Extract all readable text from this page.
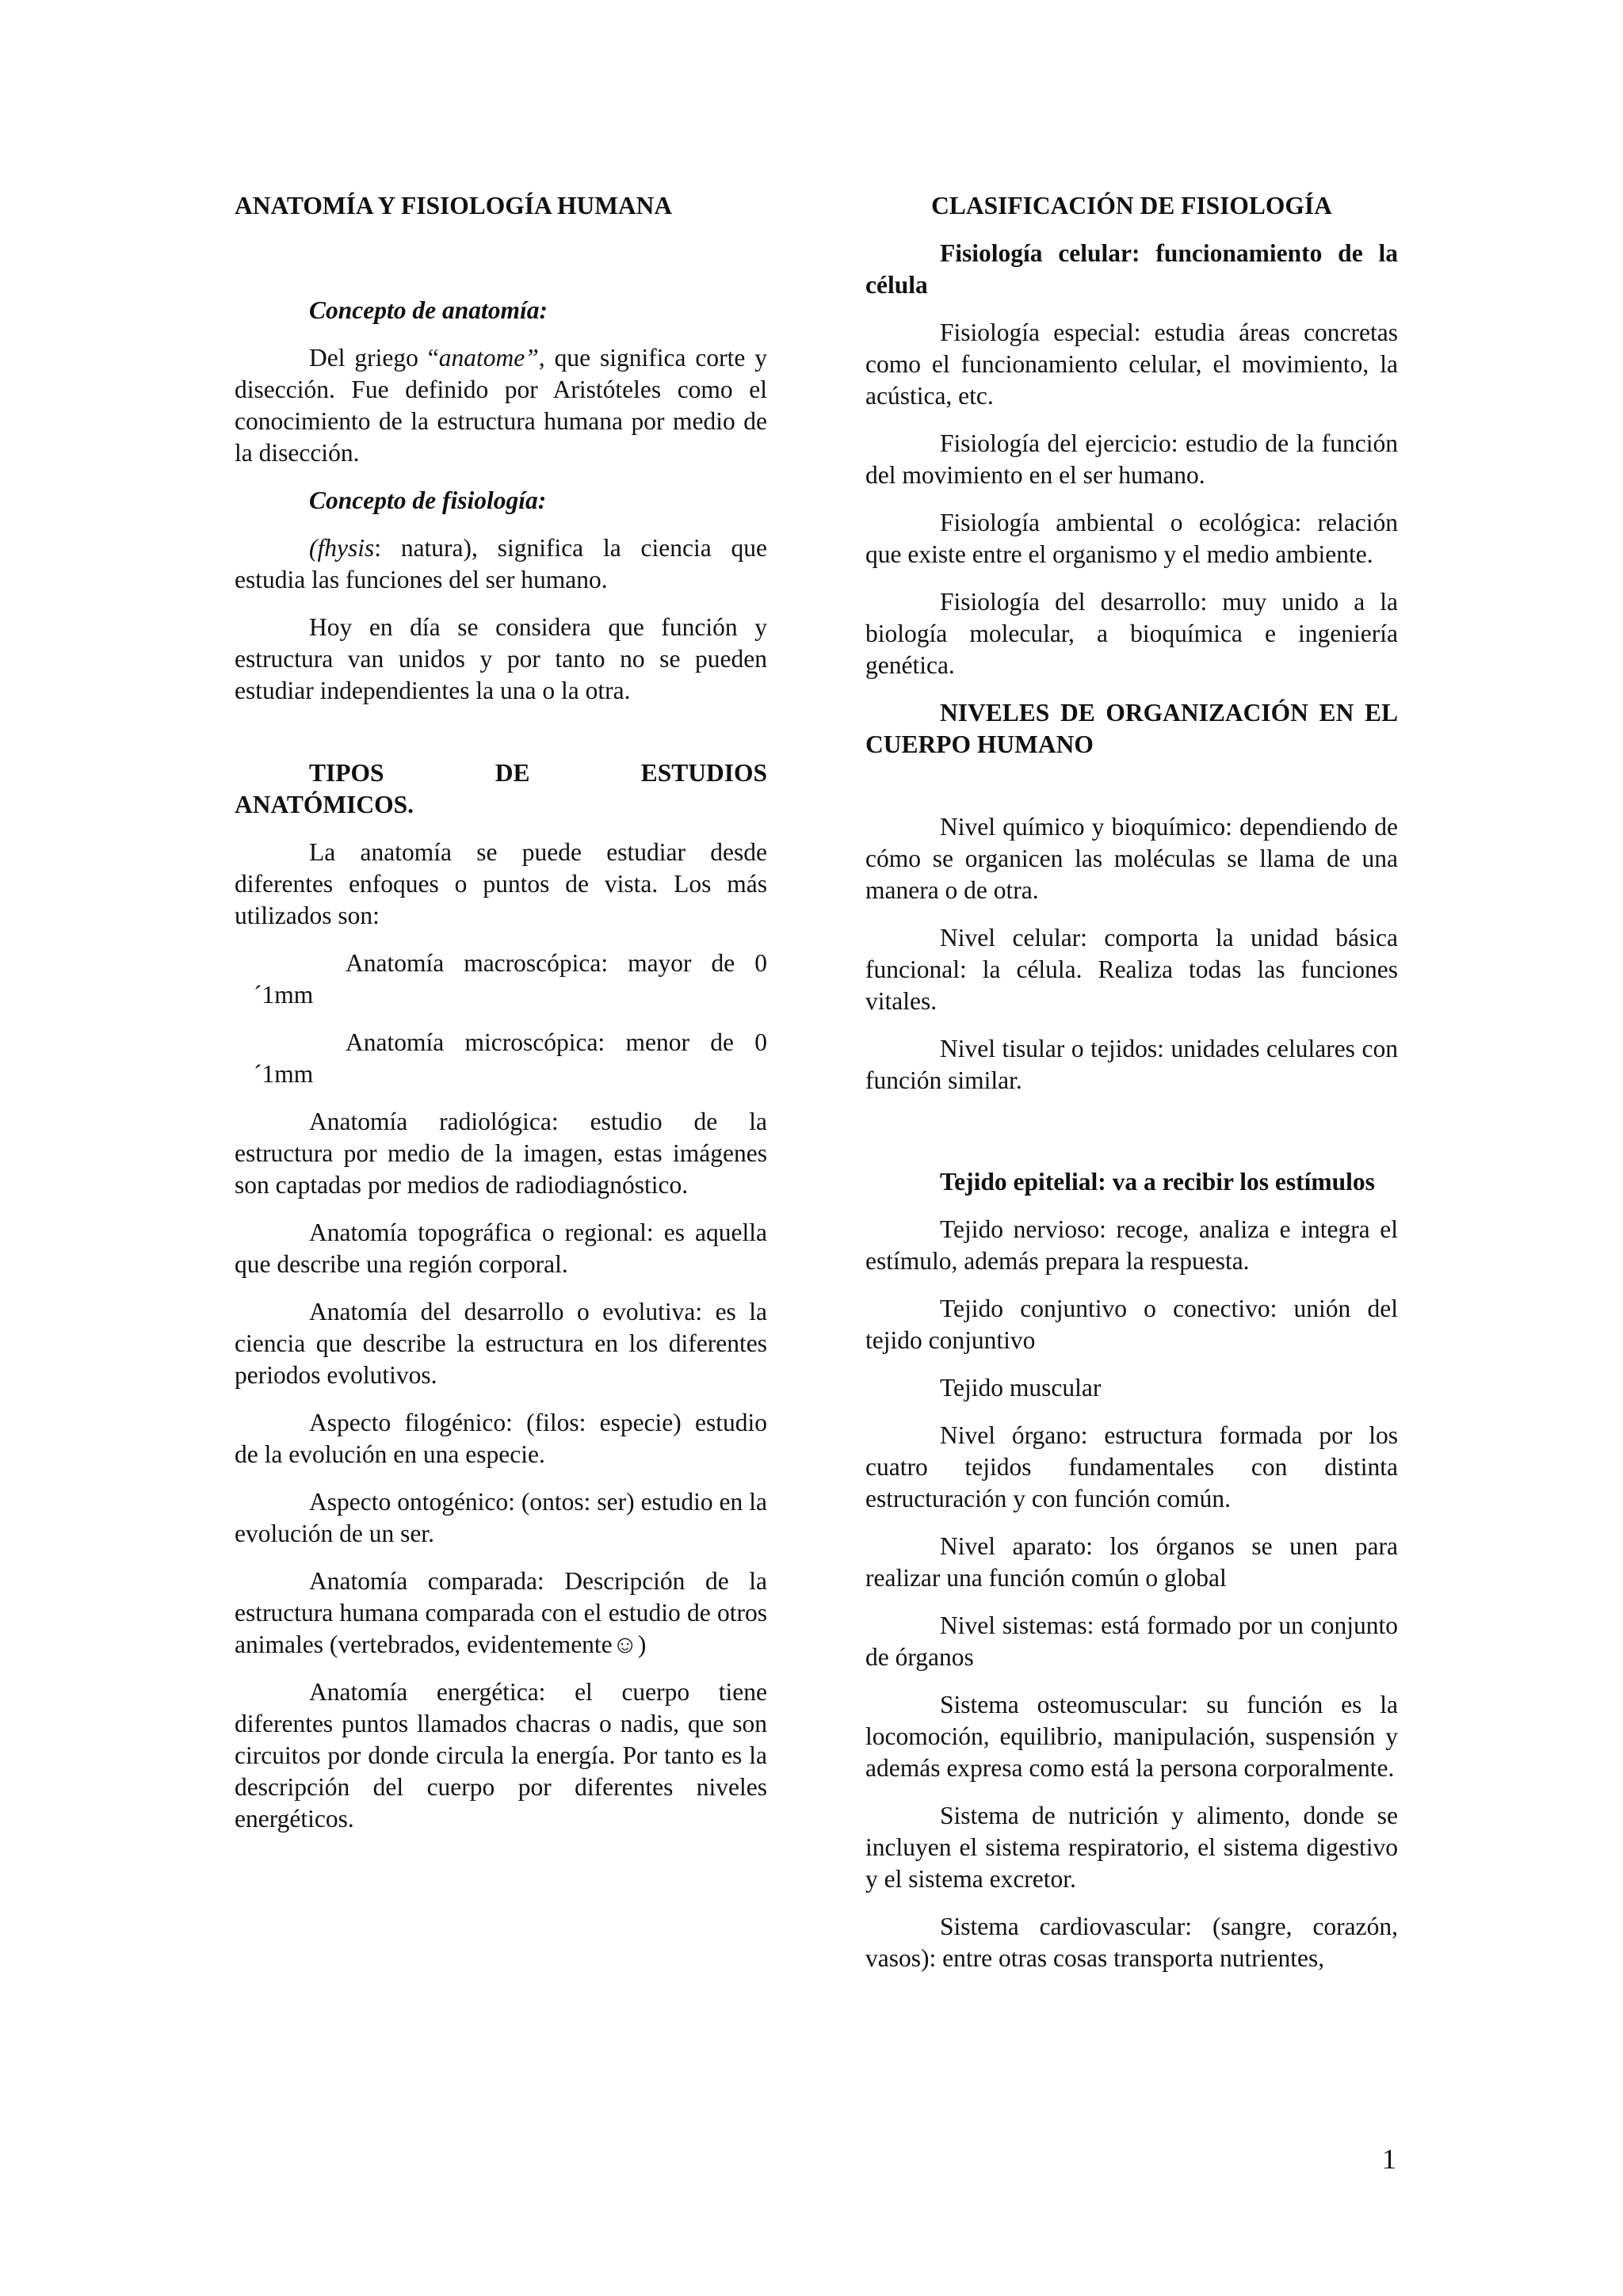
ANATOMÍA Y FISIOLOGÍA HUMANA

Concepto de anatomía:

Del griego “anatome”, que significa corte y disección. Fue definido por Aristóteles como el conocimiento de la estructura humana por medio de la disección.

Concepto de fisiología:

(fhysis: natura), significa la ciencia que estudia las funciones del ser humano.

Hoy en día se considera que función y estructura van unidos y por tanto no se pueden estudiar independientes la una o la otra.

TIPOS DE ESTUDIOS

ANATÓMICOS.

La anatomía se puede estudiar desde diferentes enfoques o puntos de vista. Los más utilizados son:

Anatomía macroscópica: mayor de 0 ´1mm

Anatomía microscópica: menor de 0 ´1mm

Anatomía radiológica: estudio de la estructura por medio de la imagen, estas imágenes son captadas por medios de radiodiagnóstico.

Anatomía topográfica o regional: es aquella que describe una región corporal.

Anatomía del desarrollo o evolutiva: es la ciencia que describe la estructura en los diferentes periodos evolutivos.

Aspecto filogénico: (filos: especie) estudio de la evolución en una especie.

Aspecto ontogénico: (ontos: ser) estudio en la evolución de un ser.

Anatomía comparada: Descripción de la estructura humana comparada con el estudio de otros animales (vertebrados, evidentemente☺)

Anatomía energética: el cuerpo tiene diferentes puntos llamados chacras o nadis, que son circuitos por donde circula la energía. Por tanto es la descripción del cuerpo por diferentes niveles energéticos.

CLASIFICACIÓN DE FISIOLOGÍA

Fisiología celular: funcionamiento de la célula

Fisiología especial: estudia áreas concretas como el funcionamiento celular, el movimiento, la acústica, etc.

Fisiología del ejercicio: estudio de la función del movimiento en el ser humano.

Fisiología ambiental o ecológica: relación que existe entre el organismo y el medio ambiente.

Fisiología del desarrollo: muy unido a la biología molecular, a bioquímica e ingeniería genética.

NIVELES DE ORGANIZACIÓN EN EL CUERPO HUMANO

Nivel químico y bioquímico: dependiendo de cómo se organicen las moléculas se llama de una manera o de otra.

Nivel celular: comporta la unidad básica funcional: la célula. Realiza todas las funciones vitales.

Nivel tisular o tejidos: unidades celulares con función similar.

Tejido epitelial: va a recibir los estímulos

Tejido nervioso: recoge, analiza e integra el estímulo, además prepara la respuesta.

Tejido conjuntivo o conectivo: unión del tejido conjuntivo

Tejido muscular

Nivel órgano: estructura formada por los cuatro tejidos fundamentales con distinta estructuración y con función común.

Nivel aparato: los órganos se unen para realizar una función común o global

Nivel sistemas: está formado por un conjunto de órganos

Sistema osteomuscular: su función es la locomoción, equilibrio, manipulación, suspensión y además expresa como está la persona corporalmente.

Sistema de nutrición y alimento, donde se incluyen el sistema respiratorio, el sistema digestivo y el sistema excretor.

Sistema cardiovascular: (sangre, corazón, vasos): entre otras cosas transporta nutrientes,

1
